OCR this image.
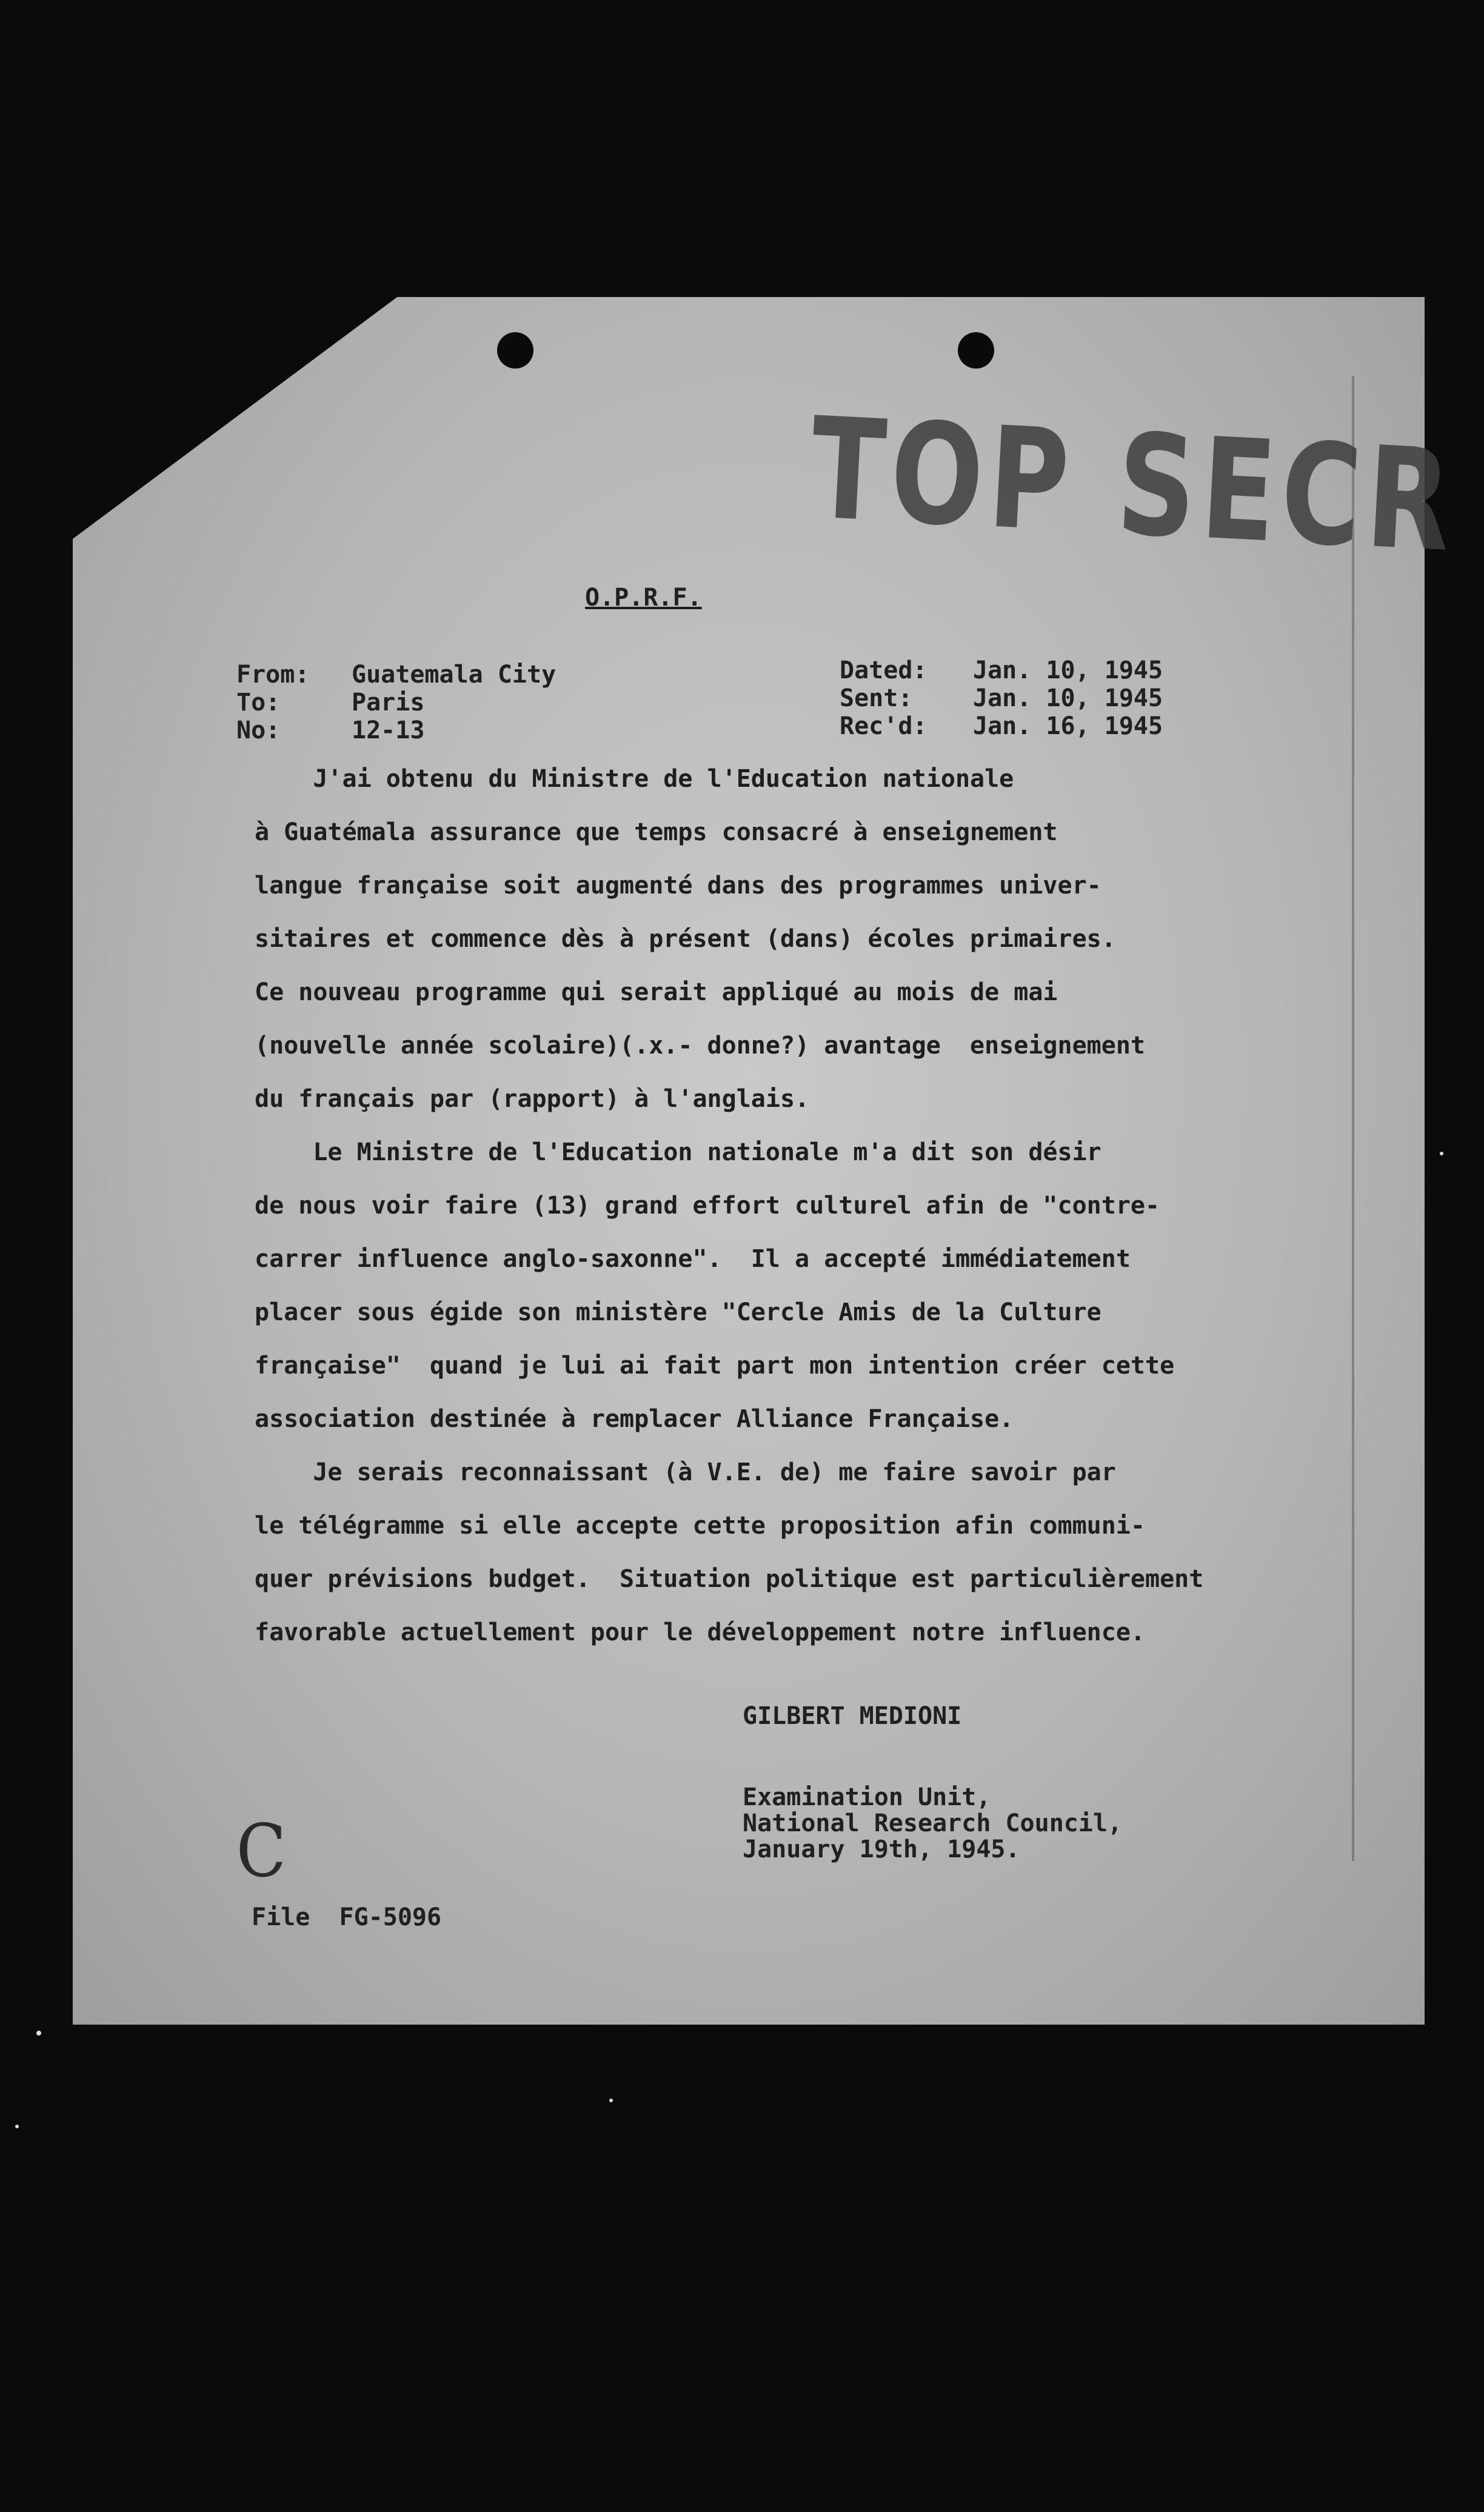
TOP SECR
O.P.R.F.
From: Guatemala City
To:	Paris
No:	12-13
Dated: Jan. 10, 1945
Sent: Jan. 10, 1945
Rec'd: Jan. 16, 1945
J'ai obtenu du Ministre de l'Education nationale
à Guatémala assurance que temps consacré à enseignement
langue française soit augmenté dans des programmes univer-
sitaires et commence dès à présent (dans) écoles primaires.
Ce nouveau programme qui serait appliqué au mois de mai
(nouvelle année scolaire)(.x.- donne?) avantage  enseignement
du français par (rapport) à l'anglais.
Le Ministre de l'Education nationale m'a dit son désir
de nous voir faire (13) grand effort culturel afin de "contre-
carrer influence anglo-saxonne".  Il a accepté immédiatement
placer sous égide son ministère "Cercle Amis de la Culture
française"  quand je lui ai fait part mon intention créer cette
association destinée à remplacer Alliance Française.
Je serais reconnaissant (à V.E. de) me faire savoir par
le télégramme si elle accepte cette proposition afin communi-
quer prévisions budget.  Situation politique est particulièrement
favorable actuellement pour le développement notre influence.
GILBERT MEDIONI
Examination Unit,
National Research Council,
January 19th, 1945.
C
File  FG-5096
